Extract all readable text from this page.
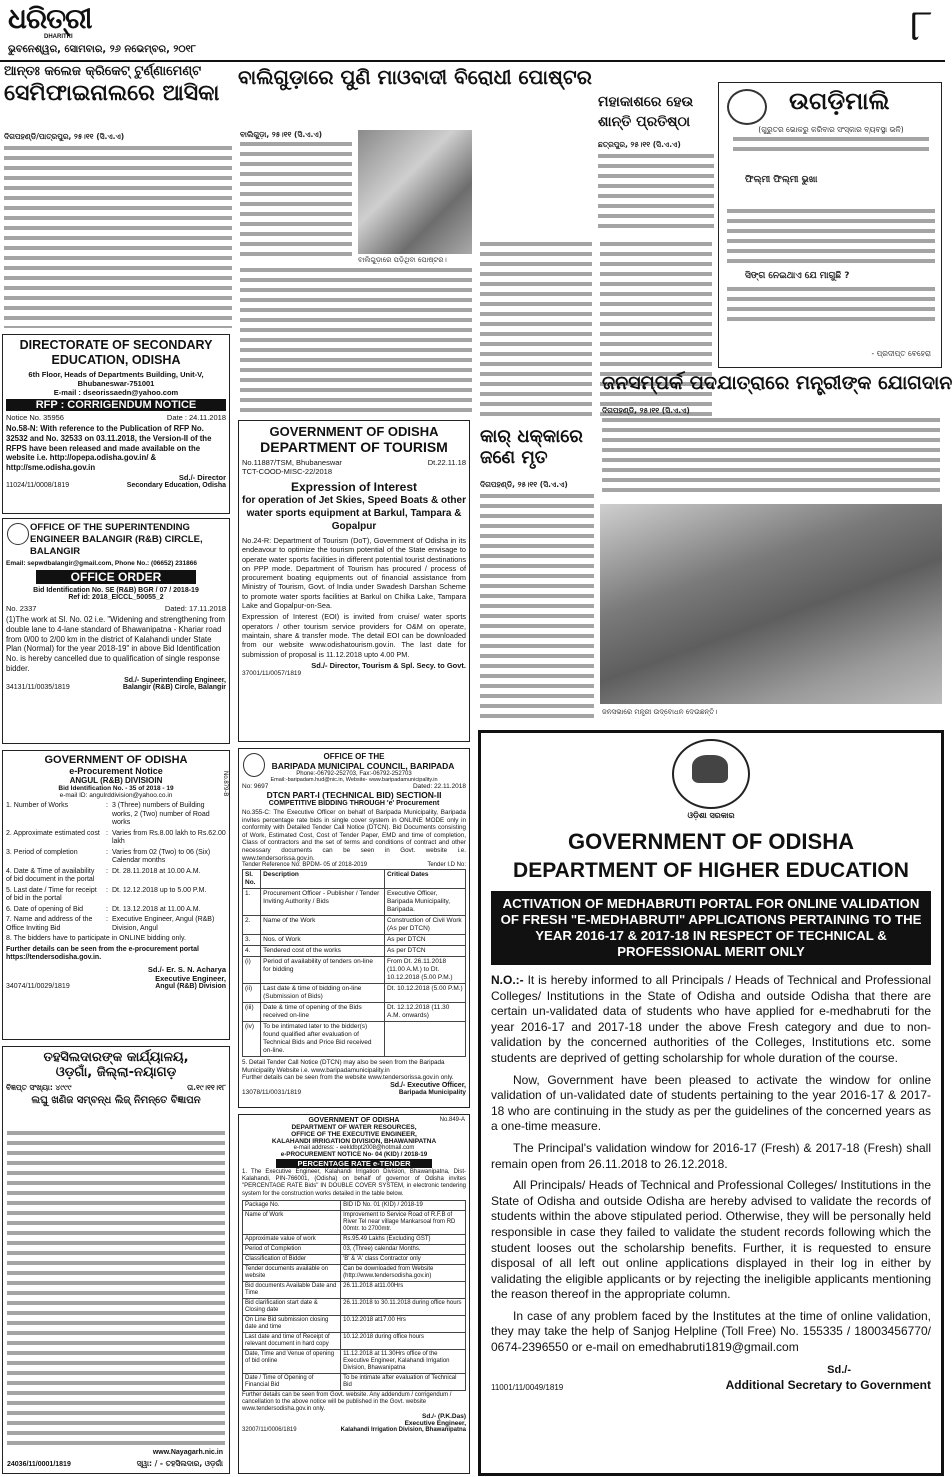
ଧରିତ୍ରୀ
DHARITRI
ଭୁବନେଶ୍ୱର, ସୋମବାର, ୨୬ ନଭେମ୍ବର, ୨୦୧୮	୮
ଆନ୍ତଃ କଲେଜ କ୍ରିକେଟ୍ ଟୁର୍ଣ୍ଣାମେଣ୍ଟ
ସେମିଫାଇନାଲରେ ଆସିକା
ଦିଗପହଣ୍ଡି/ପାତ୍ରପୁର, ୨୫।୧୧ (ସି.ଏ.ଏ)
ବାଲିଗୁଡ଼ାରେ ପୁଣି ମାଓବାଦୀ ବିରୋଧୀ ପୋଷ୍ଟର
ବାଲିଗୁଡ଼ା, ୨୫।୧୧ (ସି.ଏ.ଏ)
ବାଲିଗୁଡ଼ାରେ ପଡ଼ିଥିବା ପୋଷ୍ଟର।
ମହାକାଶରେ ହେଉ
ଶାନ୍ତି ପ୍ରତିଷ୍ଠା
ଛତ୍ରପୁର, ୨୫।୧୧ (ସି.ଏ.ଏ)
ଉଗଡ଼ିମାଲି
(ଗୁରୁତର ଭୋକରୁ କରିବାର ସଂସ୍କାର ବ୍ୟବସ୍ଥା ଭଳି)
ଫିଲ୍ମୀ ଫିଲ୍ମୀ ଭୁଖା
ସିଙ୍ଗ ନେଇଥାଏ ଯେ ମାଗୁଛି ?
- ପ୍ରଦୀପ୍ତ ବେହେରା
DIRECTORATE OF SECONDARY EDUCATION, ODISHA
6th Floor, Heads of Departments Building, Unit-V, Bhubaneswar-751001
E-mail : dseorissaedn@yahoo.com
RFP : CORRIGENDUM NOTICE
Notice No. 35956	Date : 24.11.2018
No.58-N: With reference to the Publication of RFP No. 32532 and No. 32533 on 03.11.2018, the Version-II of the RFPS have been released and made available on the website i.e. http://opepa.odisha.gov.in/ & http://sme.odisha.gov.in
Sd./- Director
11024/11/0008/1819	Secondary Education, Odisha
OFFICE OF THE SUPERINTENDING ENGINEER BALANGIR (R&B) CIRCLE, BALANGIR
Email: sepwdbalangir@gmail.com, Phone No.: (06652) 231866
OFFICE ORDER
Bid Identification No. SE (R&B) BGR / 07 / 2018-19
Ref id: 2018_EICCL_50055_2
No. 2337	Dated: 17.11.2018
(1)The work at Sl. No. 02 i.e. "Widening and strengthening from double lane to 4-lane standard of Bhawanipatna - Khariar road from 0/00 to 2/00 km in the district of Kalahandi under State Plan (Normal) for the year 2018-19" in above Bid Identification No. is hereby cancelled due to qualification of single response bidder.
Sd./- Superintending Engineer,
34131/11/0035/1819	Balangir (R&B) Circle, Balangir
GOVERNMENT OF ODISHA
e-Procurement Notice
ANGUL (R&B) DIVISIOIN
Bid Identification No. - 35 of 2018 - 19
e-mail ID: angulrddivision@yahoo.co.in
1. Number of Works	: 3 (Three) numbers of Building works, 2 (Two) number of Road works
2. Approximate estimated cost : Varies from Rs.8.00 lakh to Rs.62.00 lakh
3. Period of completion	: Varies from 02 (Two) to 06 (Six) Calendar months
4. Date & Time of availability of bid document in the portal
: Dt. 28.11.2018 at 10.00 A.M.
5. Last date / Time for receipt of bid in the portal
: Dt. 12.12.2018 up to 5.00 P.M.
6. Date of opening of Bid	: Dt. 13.12.2018 at 11.00 A.M.
7. Name and address of the Office Inviting Bid
: Executive Engineer, Angul (R&B) Division, Angul
8. The bidders have to participate in ONLINE bidding only.
Further details can be seen from the e-procurement portal https://tendersodisha.gov.in.
Sd./- Er. S. N. Acharya
Executive Engineer,
34074/11/0029/1819	Angul (R&B) Division
No.879-B
ତହସିଲଦାରଙ୍କ କାର୍ଯ୍ୟାଳୟ,
ଓଡ଼ଗାଁ, ଜିଲ୍ଲା-ନୟାଗଡ଼
ବିଜ୍ଞପ୍ତ ସଂଖ୍ୟା: ୪୯୯୯	ତା.୧୯।୧୧।୧୮
ଲଘୁ ଖଣିଜ ସମ୍ବନ୍ଧ ଲିଜ୍ ନିମନ୍ତେ ବିଜ୍ଞାପନ
www.Nayagarh.nic.in
24036/11/0001/1819	ସ୍ୱା: / - ତହସିଲଦାର, ଓଡ଼ଗାଁ
GOVERNMENT OF ODISHA
DEPARTMENT OF TOURISM
No.11887/TSM, Bhubaneswar	Dt.22.11.18
TCT-COOD-MISC-22/2018
Expression of Interest
for operation of Jet Skies, Speed Boats & other water sports equipment at Barkul, Tampara & Gopalpur
No.24-R: Department of Tourism (DoT), Government of Odisha in its endeavour to optimize the tourism potential of the State envisage to operate water sports facilities in different potential tourist destinations on PPP mode. Department of Tourism has procured / process of procurement boating equipments out of financial assistance from Ministry of Tourism, Govt. of India under Swadesh Darshan Scheme to promote water sports facilities at Barkul on Chilka Lake, Tampara Lake and Gopalpur-on-Sea.
Expression of Interest (EOI) is invited from cruise/ water sports operators / other tourism service providers for O&M on operate, maintain, share & transfer mode. The detail EOI can be downloaded from our website www.odishatourism.gov.in. The last date for submission of proposal is 11.12.2018 upto 4.00 PM.
Sd./- Director, Tourism & Spl. Secy. to Govt.
37001/11/0057/1819
OFFICE OF THE
BARIPADA MUNICIPAL COUNCIL, BARIPADA
Phone:-06792-252703, Fax:-06792-252703
Email:-baripadam.hud@nic.in, Website- www.baripadamunicipality.in
No: 9697	Dated: 22.11.2018
DTCN PART-I (TECHNICAL BID) SECTION-II
COMPETITIVE BIDDING THROUGH 'e' Procurement
No.355-C: The Executive Officer on behalf of Baripada Municipality, Baripada invites percentage rate bids in single cover system in ONLINE MODE only in conformity with Detailed Tender Call Notice (DTCN). Bid Documents consisting of Work, Estimated Cost, Cost of Tender Paper, EMD and time of completion, Class of contractors and the set of terms and conditions of contract and other necessary documents can be seen in Govt. website i.e. www.tendersorissa.gov.in.
Tender Reference No: BPDM- 05 of 2018-2019	Tender I.D No:
Sl. No.	Description	Critical Dates
1.	Procurement Officer - Publisher / Tender Inviting Authority / Bids	Executive Officer, Baripada Municipality, Baripada.
2.	Name of the Work	Construction of Civil Work (As per DTCN)
3.	Nos. of Work	As per DTCN
4.	Tendered cost of the works	As per DTCN
(i)	Period of availability of tenders on-line for bidding	From Dt. 26.11.2018 (11.00 A.M.) to Dt. 10.12.2018 (5.00 P.M.)
(ii)	Last date & time of bidding on-line (Submission of Bids)	Dt. 10.12.2018 (5.00 P.M.)
(iii)	Date & time of opening of the Bids received on-line	Dt. 12.12.2018 (11.30 A.M. onwards)
(iv)	To be intimated later to the bidder(s) found qualified after evaluation of Technical Bids and Price Bid received on-line.	
5. Detail Tender Call Notice (DTCN) may also be seen from the Baripada Municipality Website i.e. www.baripadamunicipality.in
Further details can be seen from the website www.tendersorissa.gov.in only.
Sd./- Executive Officer,
13078/11/0031/1819	Baripada Municipality
No.849-A
GOVERNMENT OF ODISHA
DEPARTMENT OF WATER RESOURCES,
OFFICE OF THE EXECUTIVE ENGINEER,
KALAHANDI IRRIGATION DIVISION, BHAWANIPATNA
e-mail address: - eekldbpt2008@hotmail.com
e-PROCUREMENT NOTICE No- 04 (KID) / 2018-19
PERCENTAGE RATE e-TENDER
1. The Executive Engineer, Kalahandi Irrigation Division, Bhawanipatna, Dist-Kalahandi, PIN-766001, (Odisha) on behalf of governor of Odisha invites "PERCENTAGE RATE Bids" IN DOUBLE COVER SYSTEM, in electronic tendering system for the construction works detailed in the table below.
Package No.	BID ID No. 01 (KID) / 2018-19
Name of Work	Improvement to Service Road of R.F.B of River Tel near village Mankarsoal from RD 00mtr. to 2700mtr.
Approximate value of work	Rs.95.49 Lakhs (Excluding GST)
Period of Completion	03, (Three) calendar Months.
Classification of Bidder	'B' & 'A' class Contractor only
Tender documents available on website	Can be downloaded from Website (http://www.tendersodisha.gov.in)
Bid documents Available Date and Time	26.11.2018 at11.00Hrs
Bid clarification start date & Closing date	26.11.2018 to 30.11.2018 during office hours
On Line Bid submission closing date and time	10.12.2018 at17.00 Hrs
Last date and time of Receipt of relevant document in hard copy	10.12.2018 during office hours
Date, Time and Venue of opening of bid online	11.12.2018 at 11.30Hrs office of the Executive Engineer, Kalahandi Irrigation Division, Bhawanipatna
Date / Time of Opening of Financial Bid	To be intimate after evaluation of Technical Bid
Further details can be seen from Govt. website. Any addendum / corrigendum / cancellation to the above notice will be published in the Govt. website www.tendersodisha.gov.in only.
Sd./- (P.K.Das)
Executive Engineer,
32007/11/0006/1819	Kalahandi Irrigation Division, Bhawanipatna
କାର୍ ଧକ୍କାରେ
ଜଣେ ମୃତ
ଦିଗପହଣ୍ଡି, ୨୫।୧୧ (ସି.ଏ.ଏ)
ଜନସମ୍ପର୍କ ପଦଯାତ୍ରାରେ ମନ୍ତ୍ରୀଙ୍କ ଯୋଗଦାନ
ଦିଗପହଣ୍ଡି, ୨୫।୧୧ (ସି.ଏ.ଏ)
ଜନସଭାରେ ମନ୍ତ୍ରୀ ଉଦ୍‌ବୋଧନ ଦେଉଛନ୍ତି।
ଓଡ଼ିଶା ସରକାର
GOVERNMENT OF ODISHA
DEPARTMENT OF HIGHER EDUCATION
ACTIVATION OF MEDHABRUTI PORTAL FOR ONLINE VALIDATION OF FRESH "E-MEDHABRUTI" APPLICATIONS PERTAINING TO THE YEAR 2016-17 & 2017-18 IN RESPECT OF TECHNICAL & PROFESSIONAL MERIT ONLY
N.O.:- It is hereby informed to all Principals / Heads of Technical and Professional Colleges/ Institutions in the State of Odisha and outside Odisha that there are certain un-validated data of students who have applied for e-medhabruti for the year 2016-17 and 2017-18 under the above Fresh category and due to non-validation by the concerned authorities of the Colleges, Institutions etc. some students are deprived of getting scholarship for whole duration of the course.
Now, Government have been pleased to activate the window for online validation of un-validated date of students pertaining to the year 2016-17 & 2017-18 who are continuing in the study as per the guidelines of the concerned years as a one-time measure.
The Principal's validation window for 2016-17 (Fresh) & 2017-18 (Fresh) shall remain open from 26.11.2018 to 26.12.2018.
All Principals/ Heads of Technical and Professional Colleges/ Institutions in the State of Odisha and outside Odisha are hereby advised to validate the records of students within the above stipulated period. Otherwise, they will be personally held responsible in case they failed to validate the student records following which the student looses out the scholarship benefits. Further, it is requested to ensure disposal of all left out online applications displayed in their log in either by validating the eligible applicants or by rejecting the ineligible applicants mentioning the reason thereof in the appropriate column.
In case of any problem faced by the Institutes at the time of online validation, they may take the help of Sanjog Helpline (Toll Free) No. 155335 / 18003456770/ 0674-2396550 or e-mail on emedhabruti1819@gmail.com
Sd./-
11001/11/0049/1819	Additional Secretary to Government
